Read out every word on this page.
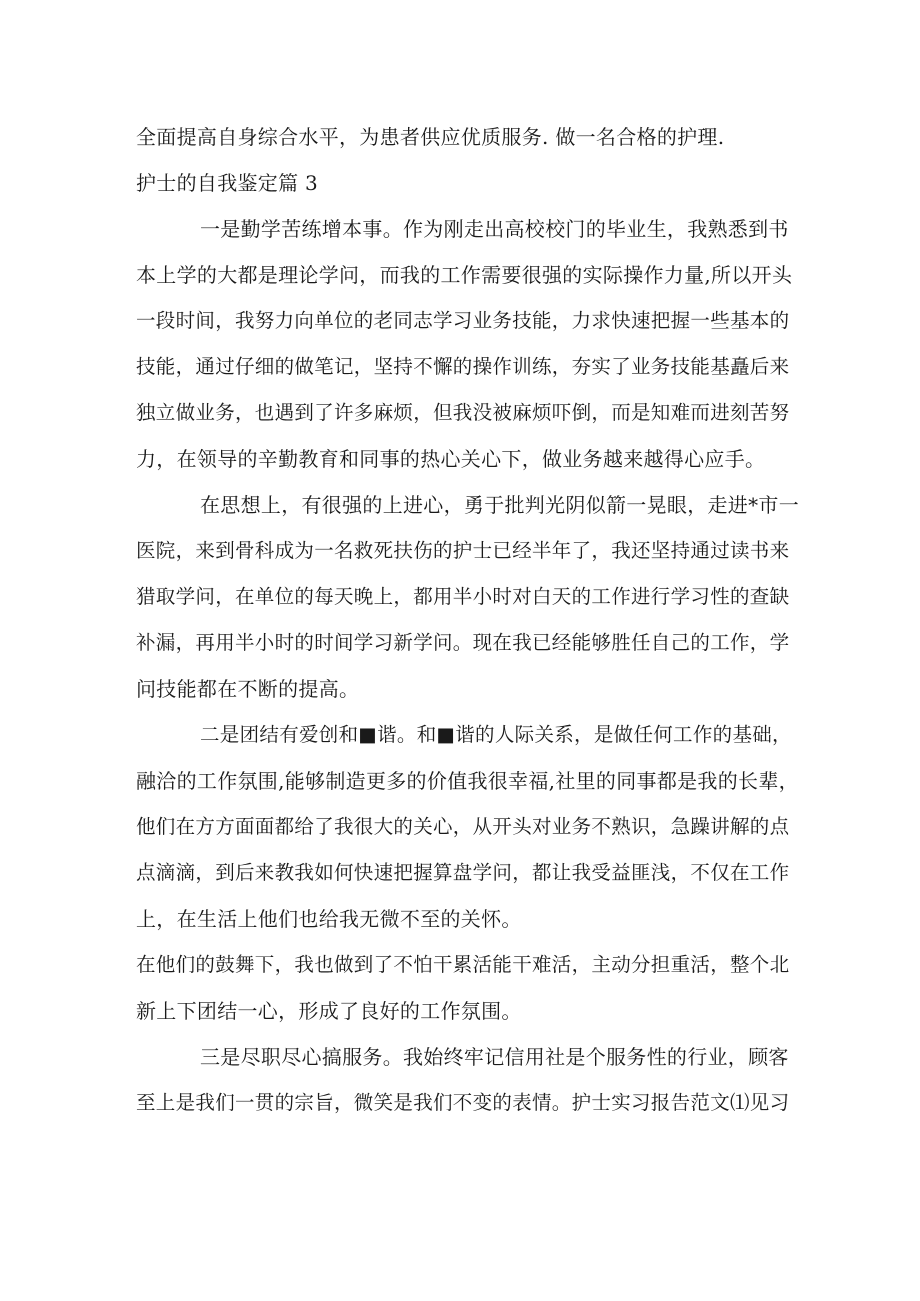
全面提高自身综合水平，为患者供应优质服务. 做一名合格的护理.

护士的自我鉴定篇 3

一是勤学苦练增本事。作为刚走出高校校门的毕业生，我熟悉到书

本上学的大都是理论学问，而我的工作需要很强的实际操作力量,所以开头

一段时间，我努力向单位的老同志学习业务技能，力求快速把握一些基本的

技能，通过仔细的做笔记，坚持不懈的操作训练，夯实了业务技能基矗后来

独立做业务，也遇到了许多麻烦，但我没被麻烦吓倒，而是知难而进刻苦努

力，在领导的辛勤教育和同事的热心关心下，做业务越来越得心应手。

在思想上，有很强的上进心，勇于批判光阴似箭一晃眼，走进*市一

医院，来到骨科成为一名救死扶伤的护士已经半年了，我还坚持通过读书来

猎取学问，在单位的每天晚上，都用半小时对白天的工作进行学习性的查缺

补漏，再用半小时的时间学习新学问。现在我已经能够胜任自己的工作，学

问技能都在不断的提高。

二是团结有爱创和■谐。和■谐的人际关系，是做任何工作的基础，

融洽的工作氛围,能够制造更多的价值我很幸福,社里的同事都是我的长辈，

他们在方方面面都给了我很大的关心，从开头对业务不熟识，急躁讲解的点

点滴滴，到后来教我如何快速把握算盘学问，都让我受益匪浅，不仅在工作

上，在生活上他们也给我无微不至的关怀。

在他们的鼓舞下，我也做到了不怕干累活能干难活，主动分担重活，整个北

新上下团结一心，形成了良好的工作氛围。

三是尽职尽心搞服务。我始终牢记信用社是个服务性的行业，顾客

至上是我们一贯的宗旨，微笑是我们不变的表情。护士实习报告范文⑴见习
